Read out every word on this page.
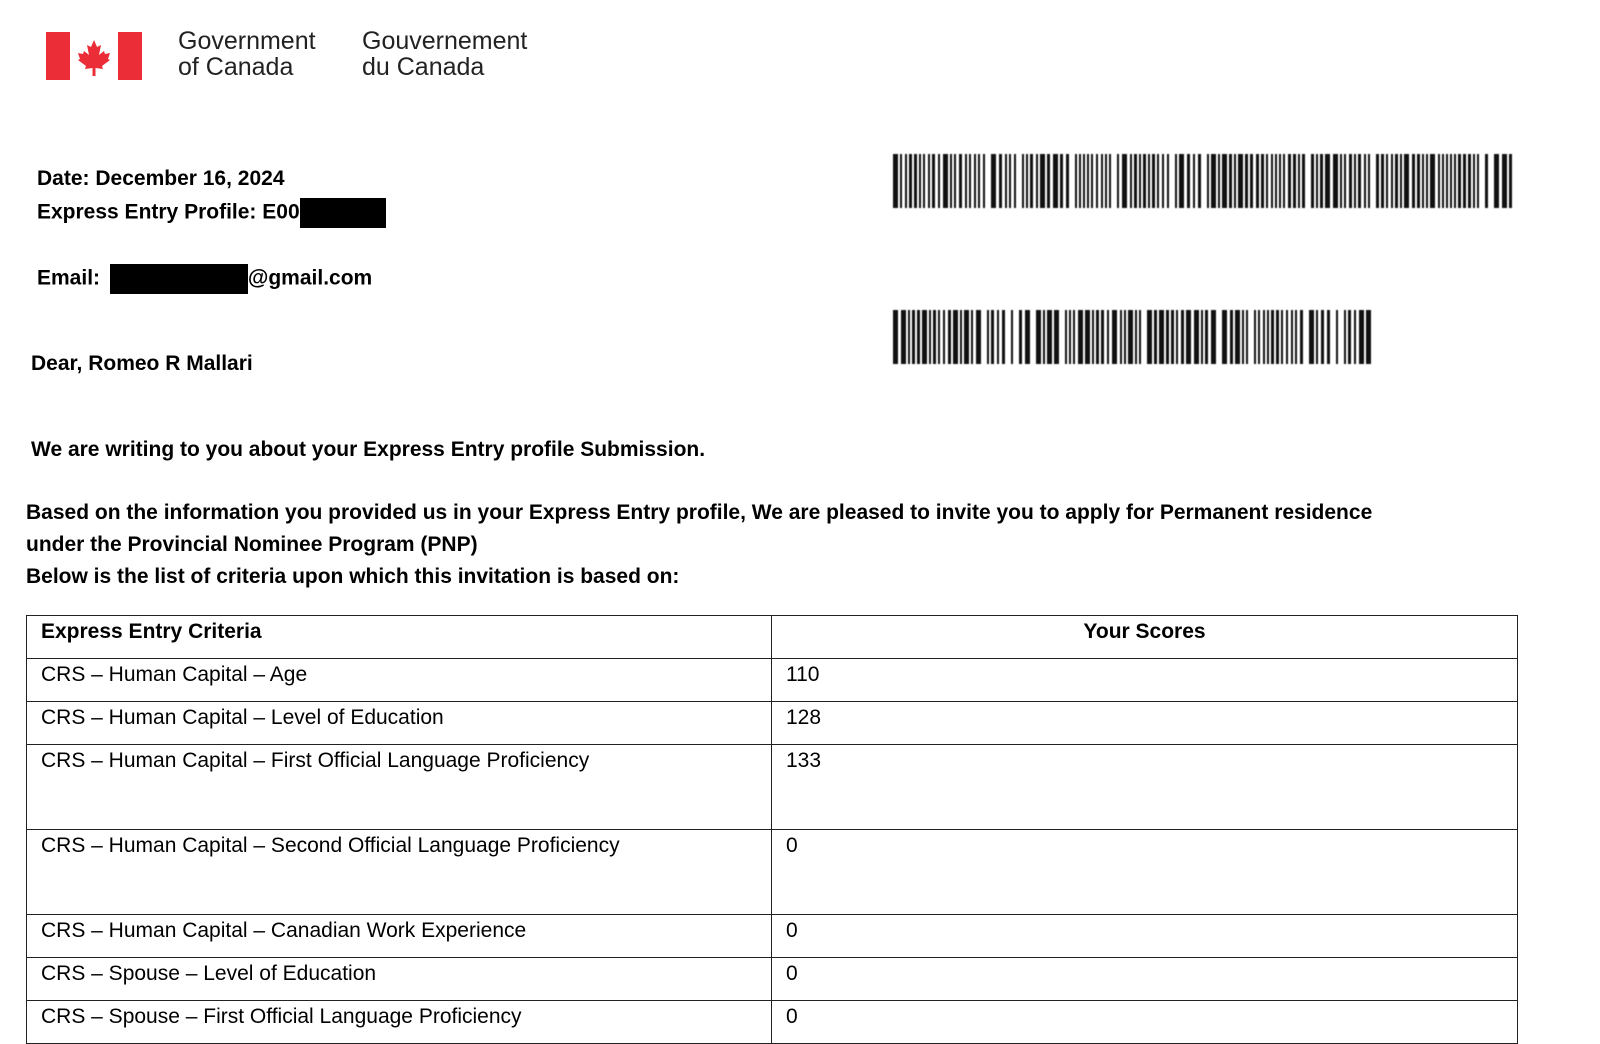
Government
of Canada
Gouvernement
du Canada
Date: December 16, 2024
Express Entry Profile: E00
Email:	@gmail.com
Dear, Romeo R Mallari
We are writing to you about your Express Entry profile Submission.
Based on the information you provided us in your Express Entry profile, We are pleased to invite you to apply for Permanent residence
under the Provincial Nominee Program (PNP)
Below is the list of criteria upon which this invitation is based on:
Express Entry Criteria	Your Scores
CRS – Human Capital – Age	110
CRS – Human Capital – Level of Education	128
CRS – Human Capital – First Official Language Proficiency	133
CRS – Human Capital – Second Official Language Proficiency	0
CRS – Human Capital – Canadian Work Experience	0
CRS – Spouse – Level of Education	0
CRS – Spouse – First Official Language Proficiency	0
